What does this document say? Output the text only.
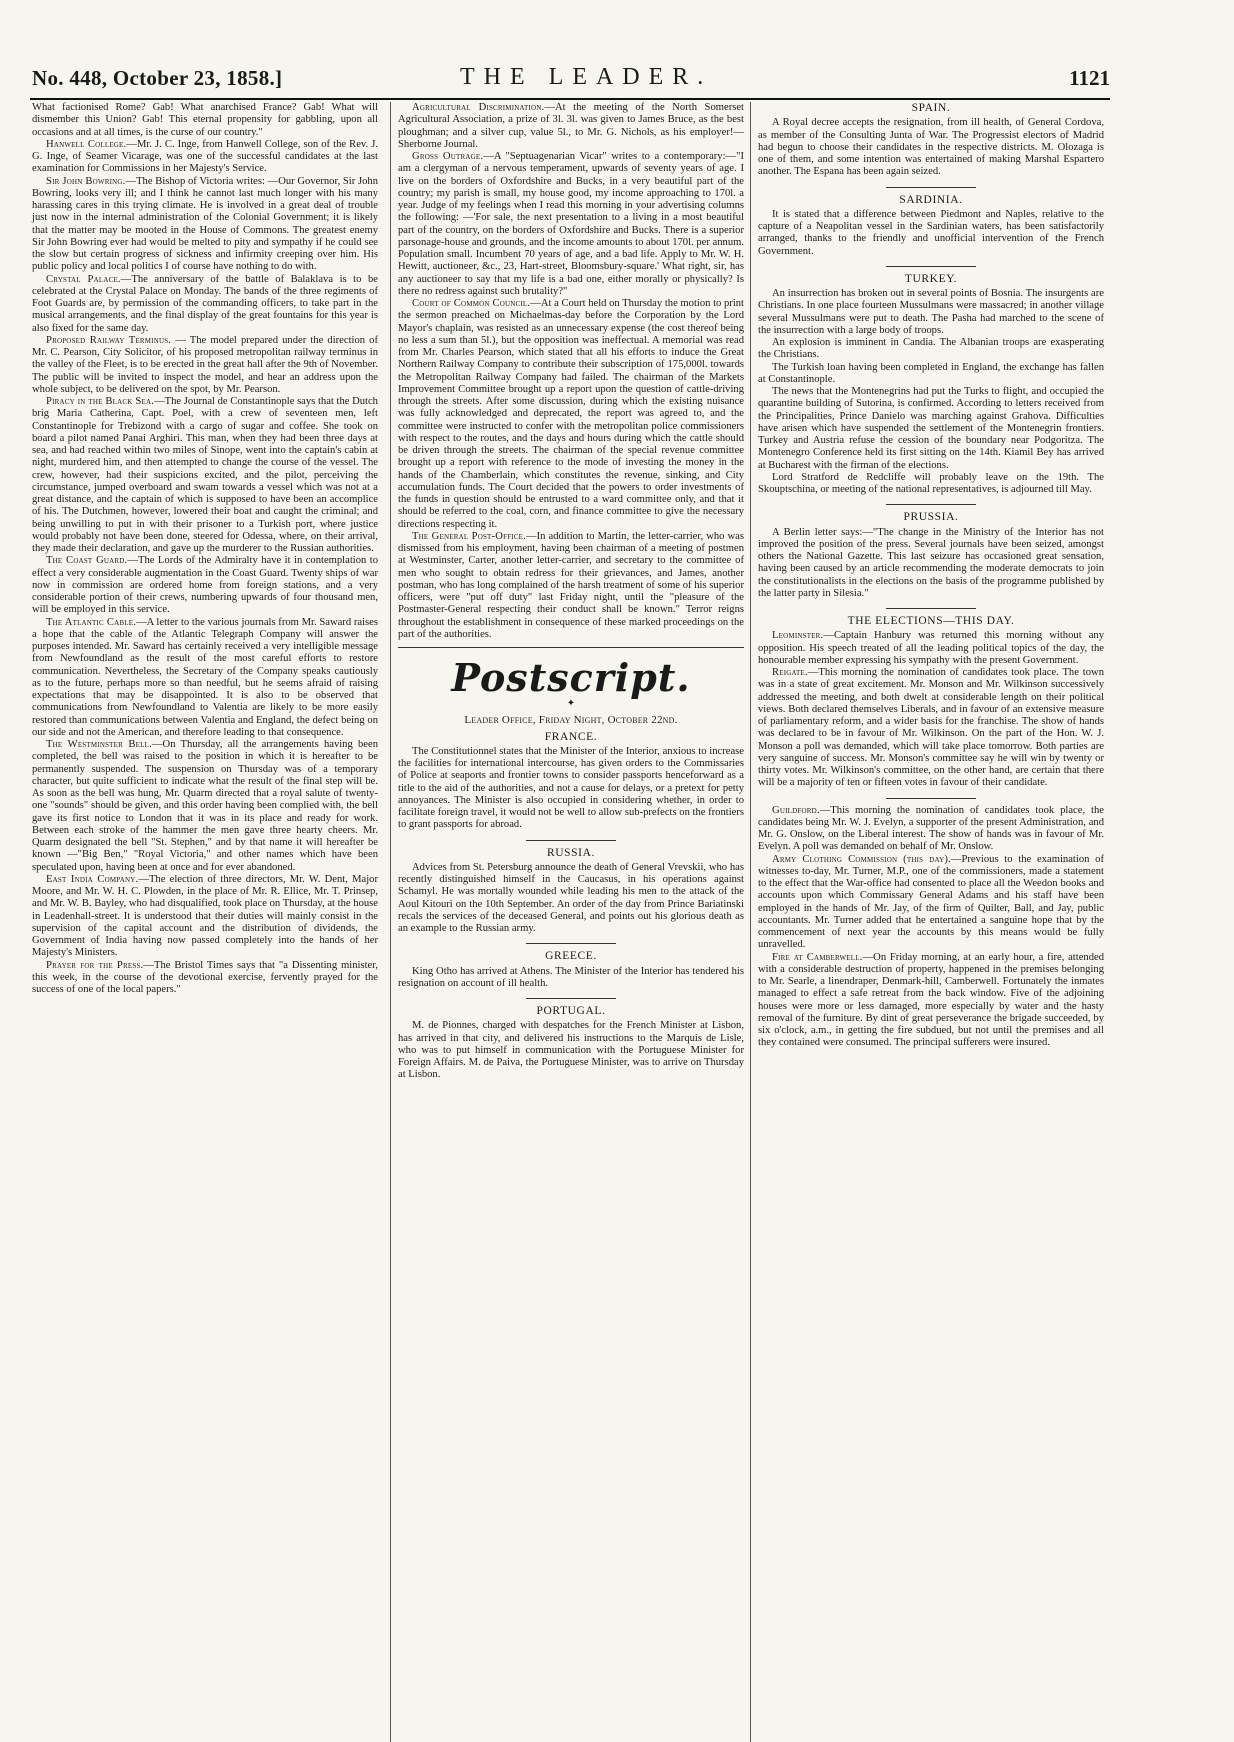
No. 448, October 23, 1858.]	THE LEADER.	1121

What factionised Rome? Gab! What anarchised France? Gab! What will dismember this Union? Gab! This eternal propensity for gabbling, upon all occasions and at all times, is the curse of our country."

Hanwell College.—Mr. J. C. Inge, from Hanwell College, son of the Rev. J. G. Inge, of Seamer Vicarage, was one of the successful candidates at the last examination for Commissions in her Majesty's Service.

Sir John Bowring.—The Bishop of Victoria writes: —Our Governor, Sir John Bowring, looks very ill; and I think he cannot last much longer with his many harassing cares in this trying climate. He is involved in a great deal of trouble just now in the internal administration of the Colonial Government; it is likely that the matter may be mooted in the House of Commons. The greatest enemy Sir John Bowring ever had would be melted to pity and sympathy if he could see the slow but certain progress of sickness and infirmity creeping over him. His public policy and local politics I of course have nothing to do with.

Crystal Palace.—The anniversary of the battle of Balaklava is to be celebrated at the Crystal Palace on Monday. The bands of the three regiments of Foot Guards are, by permission of the commanding officers, to take part in the musical arrangements, and the final display of the great fountains for this year is also fixed for the same day.

Proposed Railway Terminus. — The model prepared under the direction of Mr. C. Pearson, City Solicitor, of his proposed metropolitan railway terminus in the valley of the Fleet, is to be erected in the great hall after the 9th of November. The public will be invited to inspect the model, and hear an address upon the whole subject, to be delivered on the spot, by Mr. Pearson.

Piracy in the Black Sea.—The Journal de Constantinople says that the Dutch brig Maria Catherina, Capt. Poel, with a crew of seventeen men, left Constantinople for Trebizond with a cargo of sugar and coffee. She took on board a pilot named Panai Arghiri. This man, when they had been three days at sea, and had reached within two miles of Sinope, went into the captain's cabin at night, murdered him, and then attempted to change the course of the vessel. The crew, however, had their suspicions excited, and the pilot, perceiving the circumstance, jumped overboard and swam towards a vessel which was not at a great distance, and the captain of which is supposed to have been an accomplice of his. The Dutchmen, however, lowered their boat and caught the criminal; and being unwilling to put in with their prisoner to a Turkish port, where justice would probably not have been done, steered for Odessa, where, on their arrival, they made their declaration, and gave up the murderer to the Russian authorities.

The Coast Guard.—The Lords of the Admiralty have it in contemplation to effect a very considerable augmentation in the Coast Guard. Twenty ships of war now in commission are ordered home from foreign stations, and a very considerable portion of their crews, numbering upwards of four thousand men, will be employed in this service.

The Atlantic Cable.—A letter to the various journals from Mr. Saward raises a hope that the cable of the Atlantic Telegraph Company will answer the purposes intended. Mr. Saward has certainly received a very intelligible message from Newfoundland as the result of the most careful efforts to restore communication. Nevertheless, the Secretary of the Company speaks cautiously as to the future, perhaps more so than needful, but he seems afraid of raising expectations that may be disappointed. It is also to be observed that communications from Newfoundland to Valentia are likely to be more easily restored than communications between Valentia and England, the defect being on our side and not the American, and therefore leading to that consequence.

The Westminster Bell.—On Thursday, all the arrangements having been completed, the bell was raised to the position in which it is hereafter to be permanently suspended. The suspension on Thursday was of a temporary character, but quite sufficient to indicate what the result of the final step will be. As soon as the bell was hung, Mr. Quarm directed that a royal salute of twenty-one "sounds" should be given, and this order having been complied with, the bell gave its first notice to London that it was in its place and ready for work. Between each stroke of the hammer the men gave three hearty cheers. Mr. Quarm designated the bell "St. Stephen," and by that name it will hereafter be known —"Big Ben," "Royal Victoria," and other names which have been speculated upon, having been at once and for ever abandoned.

East India Company.—The election of three directors, Mr. W. Dent, Major Moore, and Mr. W. H. C. Plowden, in the place of Mr. R. Ellice, Mr. T. Prinsep, and Mr. W. B. Bayley, who had disqualified, took place on Thursday, at the house in Leadenhall-street. It is understood that their duties will mainly consist in the supervision of the capital account and the distribution of dividends, the Government of India having now passed completely into the hands of her Majesty's Ministers.

Prayer for the Press.—The Bristol Times says that "a Dissenting minister, this week, in the course of the devotional exercise, fervently prayed for the success of one of the local papers."

Agricultural Discrimination.—At the meeting of the North Somerset Agricultural Association, a prize of 3l. 3l. was given to James Bruce, as the best ploughman; and a silver cup, value 5l., to Mr. G. Nichols, as his employer!—Sherborne Journal.

Gross Outrage.—A "Septuagenarian Vicar" writes to a contemporary:—"I am a clergyman of a nervous temperament, upwards of seventy years of age. I live on the borders of Oxfordshire and Bucks, in a very beautiful part of the country; my parish is small, my house good, my income approaching to 170l. a year. Judge of my feelings when I read this morning in your advertising columns the following: —'For sale, the next presentation to a living in a most beautiful part of the country, on the borders of Oxfordshire and Bucks. There is a superior parsonage-house and grounds, and the income amounts to about 170l. per annum. Population small. Incumbent 70 years of age, and a bad life. Apply to Mr. W. H. Hewitt, auctioneer, &c., 23, Hart-street, Bloomsbury-square.' What right, sir, has any auctioneer to say that my life is a bad one, either morally or physically? Is there no redress against such brutality?"

Court of Common Council.—At a Court held on Thursday the motion to print the sermon preached on Michaelmas-day before the Corporation by the Lord Mayor's chaplain, was resisted as an unnecessary expense (the cost thereof being no less a sum than 5l.), but the opposition was ineffectual. A memorial was read from Mr. Charles Pearson, which stated that all his efforts to induce the Great Northern Railway Company to contribute their subscription of 175,000l. towards the Metropolitan Railway Company had failed. The chairman of the Markets Improvement Committee brought up a report upon the question of cattle-driving through the streets. After some discussion, during which the existing nuisance was fully acknowledged and deprecated, the report was agreed to, and the committee were instructed to confer with the metropolitan police commissioners with respect to the routes, and the days and hours during which the cattle should be driven through the streets. The chairman of the special revenue committee brought up a report with reference to the mode of investing the money in the hands of the Chamberlain, which constitutes the revenue, sinking, and City accumulation funds. The Court decided that the powers to order investments of the funds in question should be entrusted to a ward committee only, and that it should be referred to the coal, corn, and finance committee to give the necessary directions respecting it.

The General Post-Office.—In addition to Martin, the letter-carrier, who was dismissed from his employment, having been chairman of a meeting of postmen at Westminster, Carter, another letter-carrier, and secretary to the committee of men who sought to obtain redress for their grievances, and James, another postman, who has long complained of the harsh treatment of some of his superior officers, were "put off duty" last Friday night, until the "pleasure of the Postmaster-General respecting their conduct shall be known." Terror reigns throughout the establishment in consequence of these marked proceedings on the part of the authorities.

Postscript.
✦
Leader Office, Friday Night, October 22nd.
FRANCE.

The Constitutionnel states that the Minister of the Interior, anxious to increase the facilities for international intercourse, has given orders to the Commissaries of Police at seaports and frontier towns to consider passports henceforward as a title to the aid of the authorities, and not a cause for delays, or a pretext for petty annoyances. The Minister is also occupied in considering whether, in order to facilitate foreign travel, it would not be well to allow sub-prefects on the frontiers to grant passports for abroad.

RUSSIA.

Advices from St. Petersburg announce the death of General Vrevskii, who has recently distinguished himself in the Caucasus, in his operations against Schamyl. He was mortally wounded while leading his men to the attack of the Aoul Kitouri on the 10th September. An order of the day from Prince Bariatinski recals the services of the deceased General, and points out his glorious death as an example to the Russian army.

GREECE.

King Otho has arrived at Athens. The Minister of the Interior has tendered his resignation on account of ill health.

PORTUGAL.

M. de Pionnes, charged with despatches for the French Minister at Lisbon, has arrived in that city, and delivered his instructions to the Marquis de Lisle, who was to put himself in communication with the Portuguese Minister for Foreign Affairs. M. de Paiva, the Portuguese Minister, was to arrive on Thursday at Lisbon.

SPAIN.

A Royal decree accepts the resignation, from ill health, of General Cordova, as member of the Consulting Junta of War. The Progressist electors of Madrid had begun to choose their candidates in the respective districts. M. Olozaga is one of them, and some intention was entertained of making Marshal Espartero another. The Espana has been again seized.

SARDINIA.

It is stated that a difference between Piedmont and Naples, relative to the capture of a Neapolitan vessel in the Sardinian waters, has been satisfactorily arranged, thanks to the friendly and unofficial intervention of the French Government.

TURKEY.

An insurrection has broken out in several points of Bosnia. The insurgents are Christians. In one place fourteen Mussulmans were massacred; in another village several Mussulmans were put to death. The Pasha had marched to the scene of the insurrection with a large body of troops.

An explosion is imminent in Candia. The Albanian troops are exasperating the Christians.

The Turkish loan having been completed in England, the exchange has fallen at Constantinople.

The news that the Montenegrins had put the Turks to flight, and occupied the quarantine building of Sutorina, is confirmed. According to letters received from the Principalities, Prince Danielo was marching against Grahova. Difficulties have arisen which have suspended the settlement of the Montenegrin frontiers. Turkey and Austria refuse the cession of the boundary near Podgoritza. The Montenegro Conference held its first sitting on the 14th. Kiamil Bey has arrived at Bucharest with the firman of the elections.

Lord Stratford de Redcliffe will probably leave on the 19th. The Skouptschina, or meeting of the national representatives, is adjourned till May.

PRUSSIA.

A Berlin letter says:—"The change in the Ministry of the Interior has not improved the position of the press. Several journals have been seized, amongst others the National Gazette. This last seizure has occasioned great sensation, having been caused by an article recommending the moderate democrats to join the constitutionalists in the elections on the basis of the programme published by the latter party in Silesia."

THE ELECTIONS—THIS DAY.

Leominster.—Captain Hanbury was returned this morning without any opposition. His speech treated of all the leading political topics of the day, the honourable member expressing his sympathy with the present Government.

Reigate.—This morning the nomination of candidates took place. The town was in a state of great excitement. Mr. Monson and Mr. Wilkinson successively addressed the meeting, and both dwelt at considerable length on their political views. Both declared themselves Liberals, and in favour of an extensive measure of parliamentary reform, and a wider basis for the franchise. The show of hands was declared to be in favour of Mr. Wilkinson. On the part of the Hon. W. J. Monson a poll was demanded, which will take place tomorrow. Both parties are very sanguine of success. Mr. Monson's committee say he will win by twenty or thirty votes. Mr. Wilkinson's committee, on the other hand, are certain that there will be a majority of ten or fifteen votes in favour of their candidate.

Guildford.—This morning the nomination of candidates took place, the candidates being Mr. W. J. Evelyn, a supporter of the present Administration, and Mr. G. Onslow, on the Liberal interest. The show of hands was in favour of Mr. Evelyn. A poll was demanded on behalf of Mr. Onslow.

Army Clothing Commission (this day).—Previous to the examination of witnesses to-day, Mr. Turner, M.P., one of the commissioners, made a statement to the effect that the War-office had consented to place all the Weedon books and accounts upon which Commissary General Adams and his staff have been employed in the hands of Mr. Jay, of the firm of Quilter, Ball, and Jay, public accountants. Mr. Turner added that he entertained a sanguine hope that by the commencement of next year the accounts by this means would be fully unravelled.

Fire at Camberwell.—On Friday morning, at an early hour, a fire, attended with a considerable destruction of property, happened in the premises belonging to Mr. Searle, a linendraper, Denmark-hill, Camberwell. Fortunately the inmates managed to effect a safe retreat from the back window. Five of the adjoining houses were more or less damaged, more especially by water and the hasty removal of the furniture. By dint of great perseverance the brigade succeeded, by six o'clock, a.m., in getting the fire subdued, but not until the premises and all they contained were consumed. The principal sufferers were insured.
